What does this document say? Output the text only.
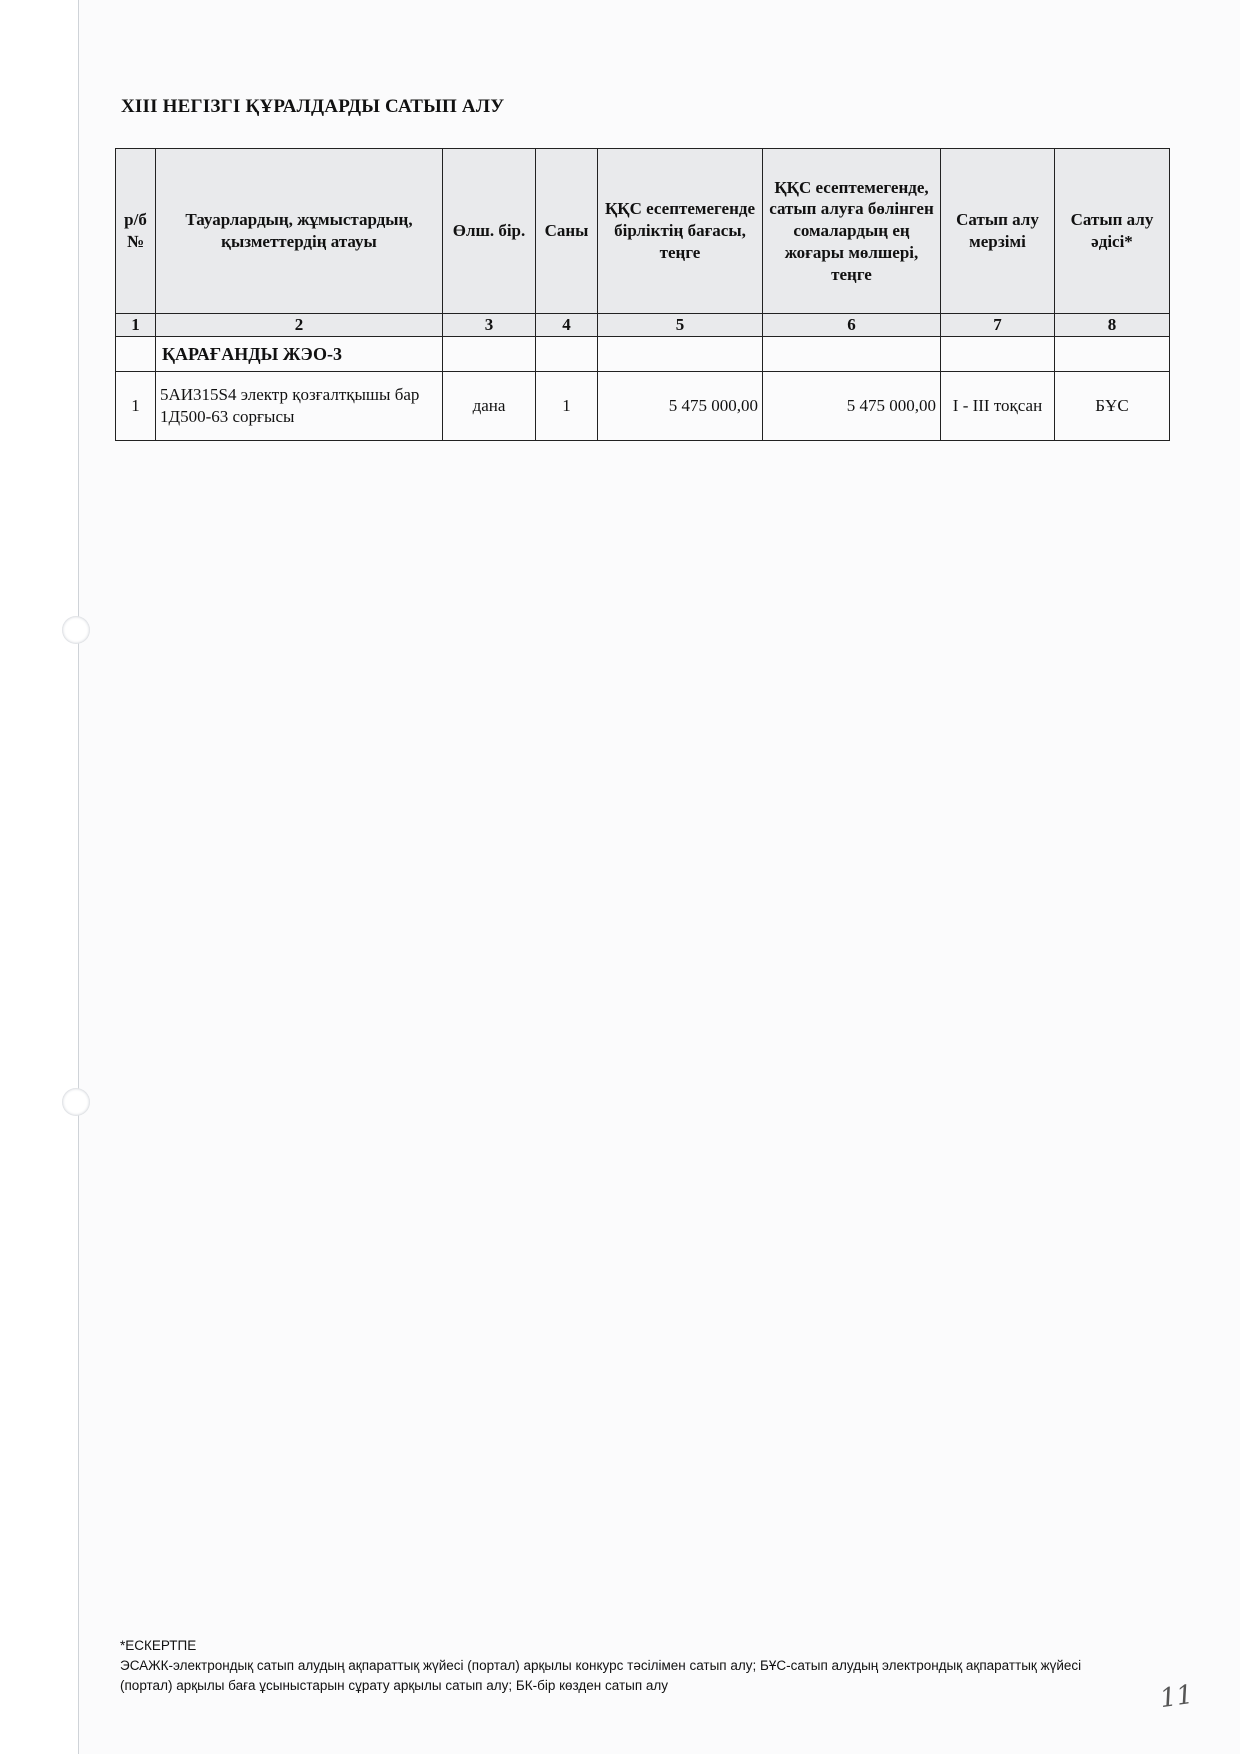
XIII НЕГІЗГІ ҚҰРАЛДАРДЫ САТЫП АЛУ
р/б №	Тауарлардың, жұмыстардың, қызметтердің атауы	Өлш. бір.	Саны	ҚҚС есептемегенде бірліктің бағасы, теңге	ҚҚС есептемегенде, сатып алуға бөлінген сомалардың ең жоғары мөлшері, теңге	Сатып алу мерзімі	Сатып алу әдісі*
1	2	3	4	5	6	7	8
	ҚАРАҒАНДЫ ЖЭО-3						
1	5АИ315S4 электр қозғалтқышы бар 1Д500-63 сорғысы	дана	1	5 475 000,00	5 475 000,00	I - III тоқсан	БҰС
*ЕСКЕРТПЕ
ЭСАЖК-электрондық сатып алудың ақпараттық жүйесі (портал) арқылы конкурс тәсілімен сатып алу; БҰС-сатып алудың электрондық ақпараттық жүйесі (портал) арқылы баға ұсыныстарын сұрату арқылы сатып алу; БК-бір көзден сатып алу	11
